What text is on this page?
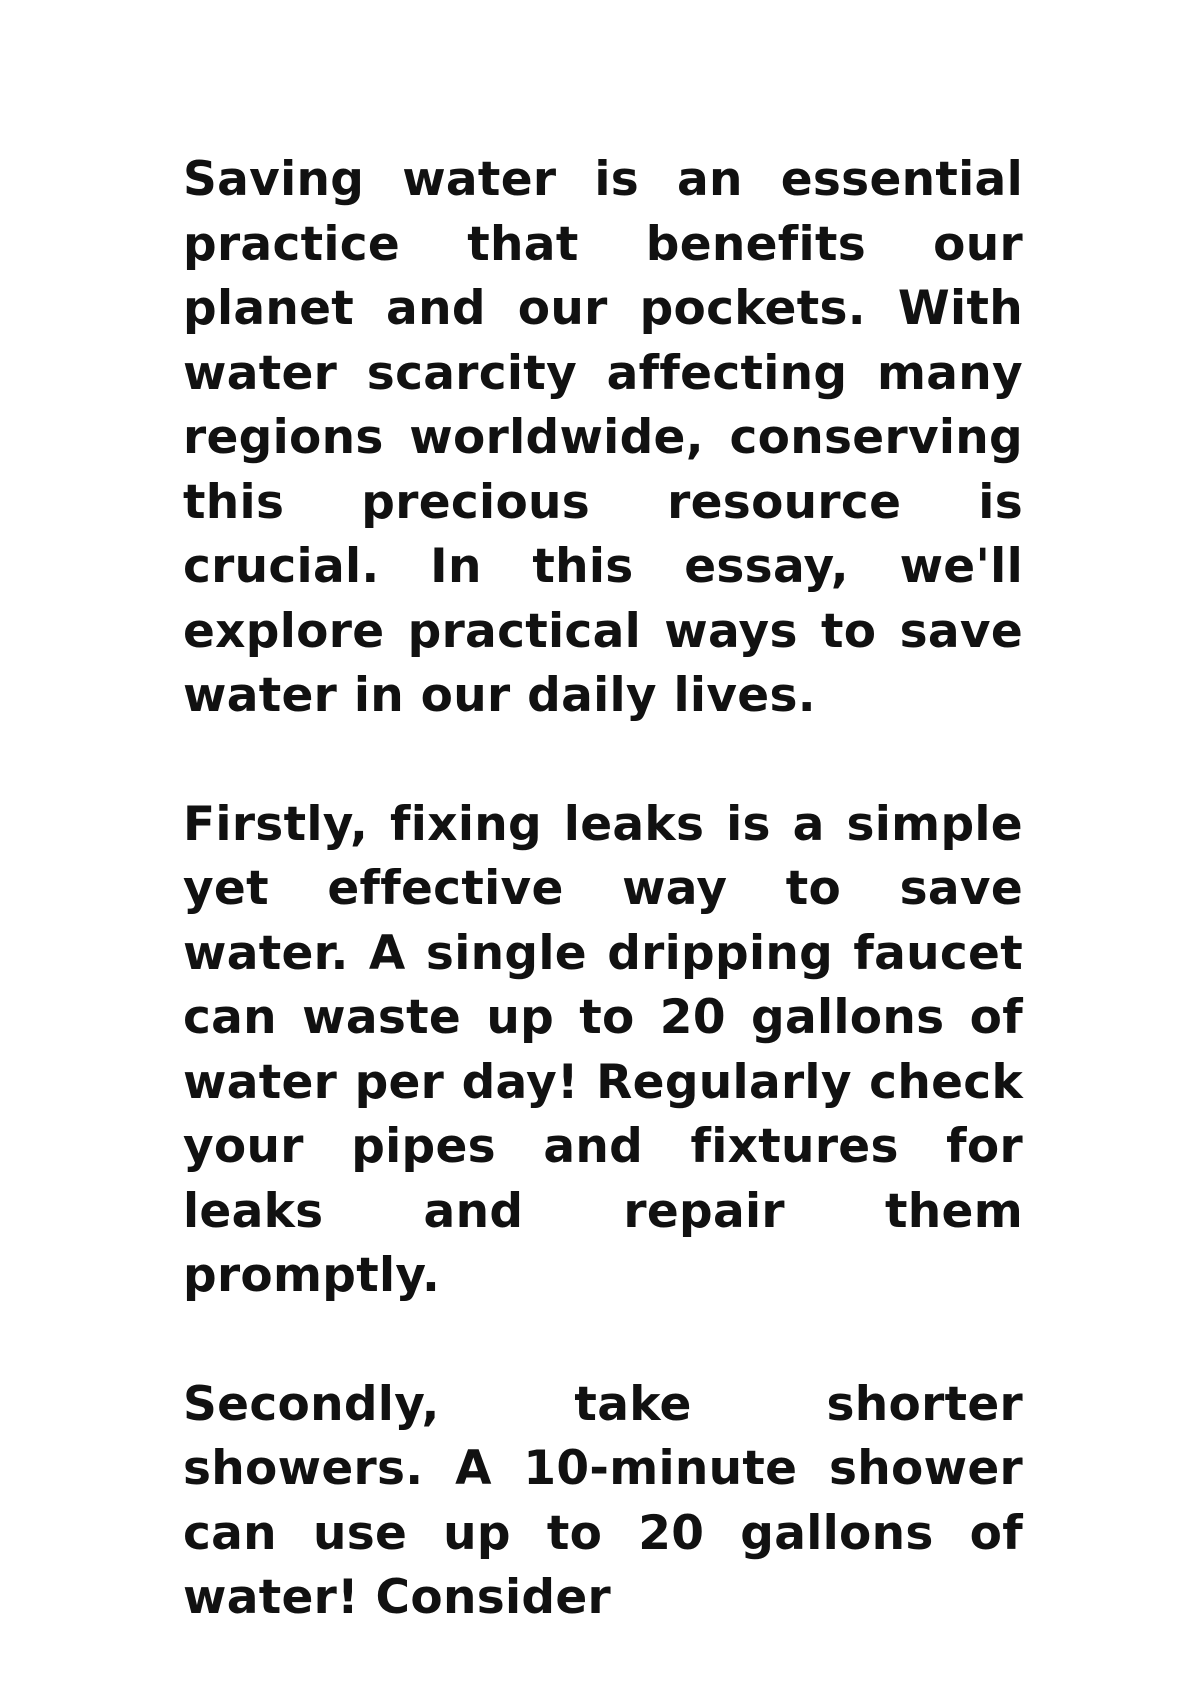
Saving water is an essential practice that benefits our planet and our pockets. With water scarcity affecting many regions worldwide, conserving this precious resource is crucial. In this essay, we'll explore practical ways to save water in our daily lives.

Firstly, fixing leaks is a simple yet effective way to save water. A single dripping faucet can waste up to 20 gallons of water per day! Regularly check your pipes and fixtures for leaks and repair them promptly.

Secondly, take shorter showers. A 10-minute shower can use up to 20 gallons of water! Consider
